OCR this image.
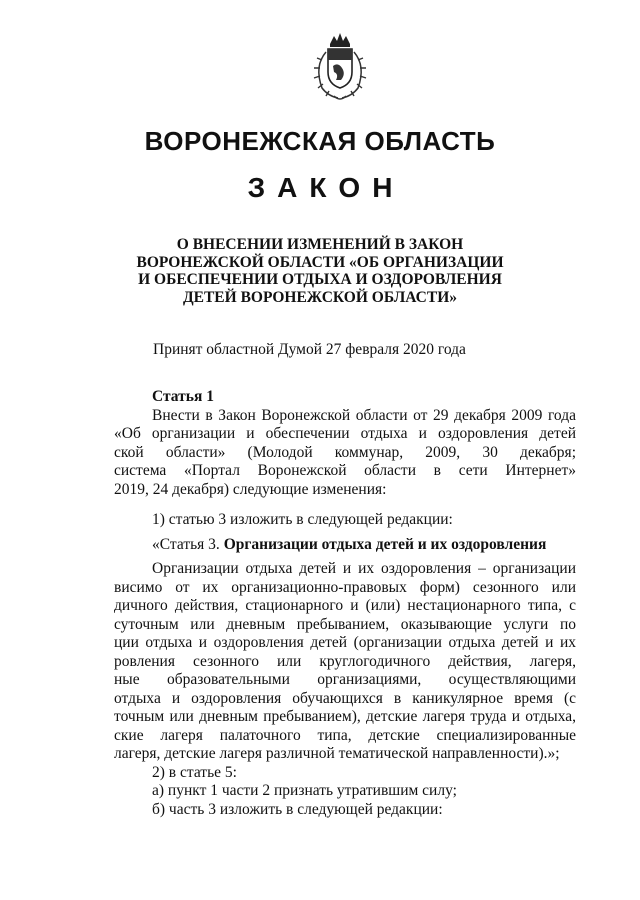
ВОРОНЕЖСКАЯ ОБЛАСТЬ
ЗАКОН
О ВНЕСЕНИИ ИЗМЕНЕНИЙ В ЗАКОН
ВОРОНЕЖСКОЙ ОБЛАСТИ «ОБ ОРГАНИЗАЦИИ
И ОБЕСПЕЧЕНИИ ОТДЫХА И ОЗДОРОВЛЕНИЯ
ДЕТЕЙ ВОРОНЕЖСКОЙ ОБЛАСТИ»
Принят областной Думой 27 февраля 2020 года
Статья 1
Внести в Закон Воронежской области от 29 декабря 2009 года
«Об организации и обеспечении отдыха и оздоровления детей
ской области» (Молодой коммунар, 2009, 30 декабря;
система «Портал Воронежской области в сети Интернет»
2019, 24 декабря) следующие изменения:
1) статью 3 изложить в следующей редакции:
«Статья 3. Организации отдыха детей и их оздоровления
Организации отдыха детей и их оздоровления – организации
висимо от их организационно-правовых форм) сезонного или
дичного действия, стационарного и (или) нестационарного типа, с
суточным или дневным пребыванием, оказывающие услуги по
ции отдыха и оздоровления детей (организации отдыха детей и их
ровления сезонного или круглогодичного действия, лагеря,
ные образовательными организациями, осуществляющими
отдыха и оздоровления обучающихся в каникулярное время (с
точным или дневным пребыванием), детские лагеря труда и отдыха,
ские лагеря палаточного типа, детские специализированные
лагеря, детские лагеря различной тематической направленности).»;
2) в статье 5:
а) пункт 1 части 2 признать утратившим силу;
б) часть 3 изложить в следующей редакции:
